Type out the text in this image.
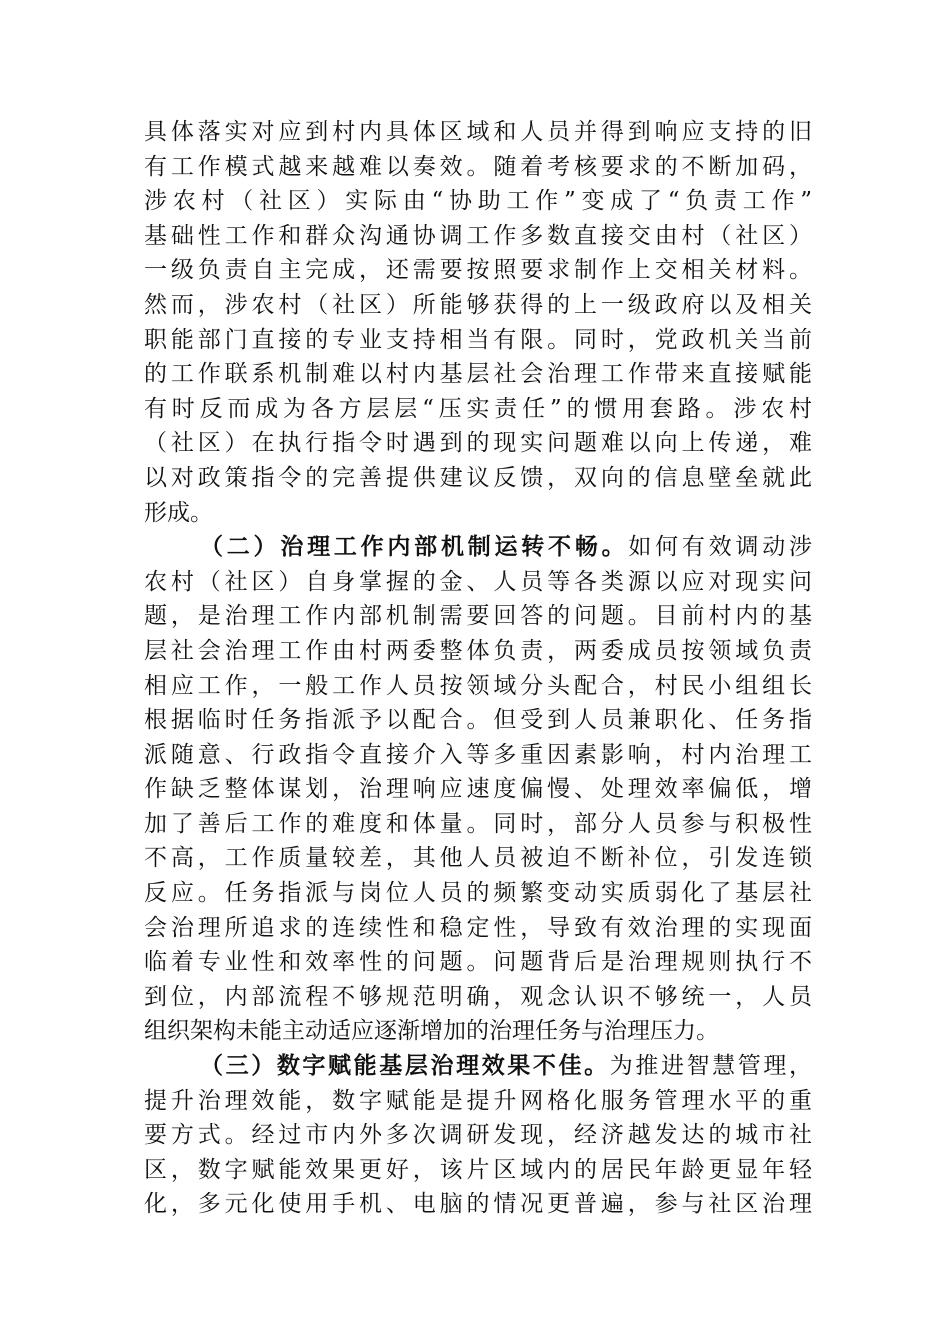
具体落实对应到村内具体区域和人员并得到响应支持的旧
有工作模式越来越难以奏效。随着考核要求的不断加码，
涉农村（社区）实际由“协助工作”变成了“负责工作”
基础性工作和群众沟通协调工作多数直接交由村（社区）
一级负责自主完成，还需要按照要求制作上交相关材料。
然而，涉农村（社区）所能够获得的上一级政府以及相关
职能部门直接的专业支持相当有限。同时，党政机关当前
的工作联系机制难以村内基层社会治理工作带来直接赋能
有时反而成为各方层层“压实责任”的惯用套路。涉农村
（社区）在执行指令时遇到的现实问题难以向上传递，难
以对政策指令的完善提供建议反馈，双向的信息壁垒就此
形成。
（二）治理工作内部机制运转不畅。如何有效调动涉
农村（社区）自身掌握的金、人员等各类源以应对现实问
题，是治理工作内部机制需要回答的问题。目前村内的基
层社会治理工作由村两委整体负责，两委成员按领域负责
相应工作，一般工作人员按领域分头配合，村民小组组长
根据临时任务指派予以配合。但受到人员兼职化、任务指
派随意、行政指令直接介入等多重因素影响，村内治理工
作缺乏整体谋划，治理响应速度偏慢、处理效率偏低，增
加了善后工作的难度和体量。同时，部分人员参与积极性
不高，工作质量较差，其他人员被迫不断补位，引发连锁
反应。任务指派与岗位人员的频繁变动实质弱化了基层社
会治理所追求的连续性和稳定性，导致有效治理的实现面
临着专业性和效率性的问题。问题背后是治理规则执行不
到位，内部流程不够规范明确，观念认识不够统一，人员
组织架构未能主动适应逐渐增加的治理任务与治理压力。
（三）数字赋能基层治理效果不佳。为推进智慧管理，
提升治理效能，数字赋能是提升网格化服务管理水平的重
要方式。经过市内外多次调研发现，经济越发达的城市社
区，数字赋能效果更好，该片区域内的居民年龄更显年轻
化，多元化使用手机、电脑的情况更普遍，参与社区治理
